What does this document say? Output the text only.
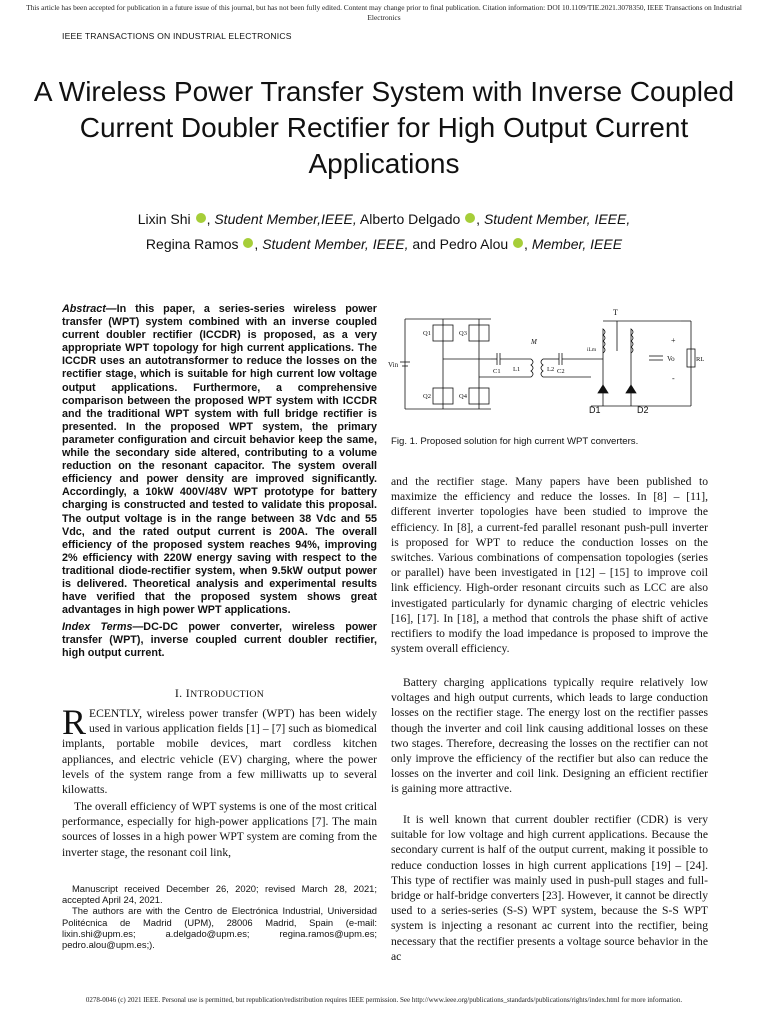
This article has been accepted for publication in a future issue of this journal, but has not been fully edited. Content may change prior to final publication. Citation information: DOI 10.1109/TIE.2021.3078350, IEEE Transactions on Industrial Electronics
IEEE TRANSACTIONS ON INDUSTRIAL ELECTRONICS
A Wireless Power Transfer System with Inverse Coupled Current Doubler Rectifier for High Output Current Applications
Lixin Shi , Student Member,IEEE, Alberto Delgado , Student Member, IEEE,
Regina Ramos , Student Member, IEEE, and Pedro Alou , Member, IEEE
Abstract—In this paper, a series-series wireless power transfer (WPT) system combined with an inverse coupled current doubler rectifier (ICCDR) is proposed, as a very appropriate WPT topology for high current applications. The ICCDR uses an autotransformer to reduce the losses on the rectifier stage, which is suitable for high current low voltage output applications. Furthermore, a comprehensive comparison between the proposed WPT system with ICCDR and the traditional WPT system with full bridge rectifier is presented. In the proposed WPT system, the primary parameter configuration and circuit behavior keep the same, while the secondary side altered, contributing to a volume reduction on the resonant capacitor. The system overall efficiency and power density are improved significantly. Accordingly, a 10kW 400V/48V WPT prototype for battery charging is constructed and tested to validate this proposal. The output voltage is in the range between 38 Vdc and 55 Vdc, and the rated output current is 200A. The overall efficiency of the proposed system reaches 94%, improving 2% efficiency with 220W energy saving with respect to the traditional diode-rectifier system, when 9.5kW output power is delivered. Theoretical analysis and experimental results have verified that the proposed system shows great advantages in high power WPT applications.
Index Terms—DC-DC power converter, wireless power transfer (WPT), inverse coupled current doubler rectifier, high output current.
I. INTRODUCTION
RECENTLY, wireless power transfer (WPT) has been widely used in various application fields [1] – [7] such as biomedical implants, portable mobile devices, mart cordless kitchen appliances, and electric vehicle (EV) charging, where the power levels of the system range from a few milliwatts up to several kilowatts.
The overall efficiency of WPT systems is one of the most critical performance, especially for high-power applications [7]. The main sources of losses in a high power WPT system are coming from the inverter stage, the resonant coil link,

Manuscript received December 26, 2020; revised March 28, 2021; accepted April 24, 2021.

The authors are with the Centro de Electrónica Industrial, Universidad Politécnica de Madrid (UPM), 28006 Madrid, Spain (e-mail: lixin.shi@upm.es; a.delgado@upm.es; regina.ramos@upm.es; pedro.alou@upm.es;).

Vin
Q1	Q3
Q2	Q4
C1
M
L1	L2 C2
iLm
T
D1	D2
Vo	RL
+
-
Fig. 1. Proposed solution for high current WPT converters.
and the rectifier stage. Many papers have been published to maximize the efficiency and reduce the losses. In [8] – [11], different inverter topologies have been studied to improve the efficiency. In [8], a current-fed parallel resonant push-pull inverter is proposed for WPT to reduce the conduction losses on the switches. Various combinations of compensation topologies (series or parallel) have been investigated in [12] – [15] to improve coil link efficiency. High-order resonant circuits such as LCC are also investigated particularly for dynamic charging of electric vehicles [16], [17]. In [18], a method that controls the phase shift of active rectifiers to modify the load impedance is proposed to improve the system overall efficiency.
Battery charging applications typically require relatively low voltages and high output currents, which leads to large conduction losses on the rectifier stage. The energy lost on the rectifier passes though the inverter and coil link causing additional losses on these two stages. Therefore, decreasing the losses on the rectifier can not only improve the efficiency of the rectifier but also can reduce the losses on the inverter and coil link. Designing an efficient rectifier is gaining more attractive.
It is well known that current doubler rectifier (CDR) is very suitable for low voltage and high current applications. Because the secondary current is half of the output current, making it possible to reduce conduction losses in high current applications [19] – [24]. This type of rectifier was mainly used in push-pull stages and full-bridge or half-bridge converters [23]. However, it cannot be directly used to a series-series (S-S) WPT system, because the S-S WPT system is injecting a resonant ac current into the rectifier, being necessary that the rectifier presents a voltage source behavior in the ac
0278-0046 (c) 2021 IEEE. Personal use is permitted, but republication/redistribution requires IEEE permission. See http://www.ieee.org/publications_standards/publications/rights/index.html for more information.
